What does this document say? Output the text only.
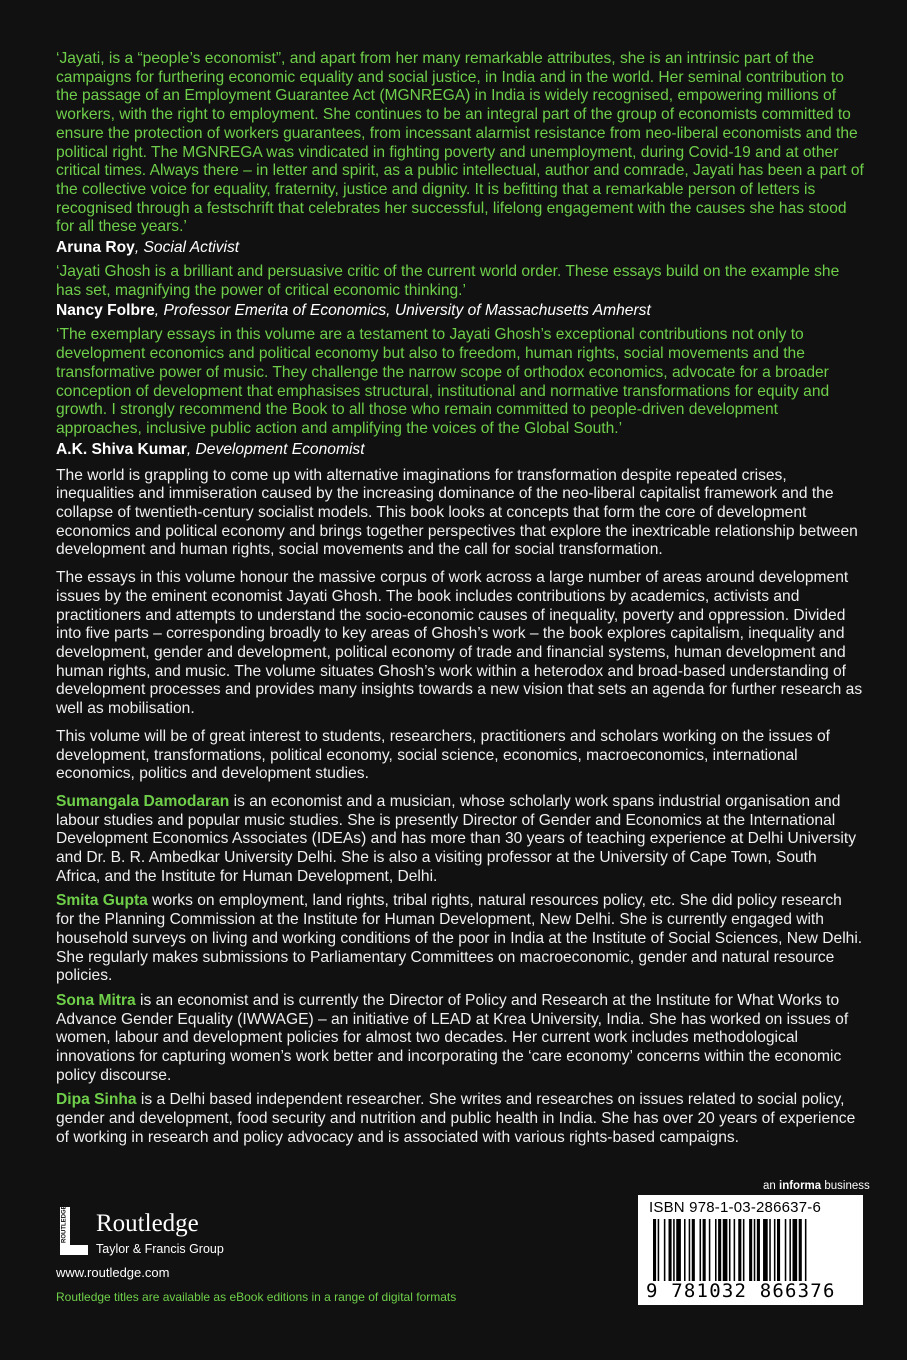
‘Jayati, is a “people’s economist”, and apart from her many remarkable attributes, she is an intrinsic part of the campaigns for furthering economic equality and social justice, in India and in the world. Her seminal contribution to the passage of an Employment Guarantee Act (MGNREGA) in India is widely recognised, empowering millions of workers, with the right to employment. She continues to be an integral part of the group of economists committed to ensure the protection of workers guarantees, from incessant alarmist resistance from neo-liberal economists and the political right. The MGNREGA was vindicated in fighting poverty and unemployment, during Covid-19 and at other critical times. Always there – in letter and spirit, as a public intellectual, author and comrade, Jayati has been a part of the collective voice for equality, fraternity, justice and dignity. It is befitting that a remarkable person of letters is recognised through a festschrift that celebrates her successful, lifelong engagement with the causes she has stood for all these years.’

Aruna Roy, Social Activist

‘Jayati Ghosh is a brilliant and persuasive critic of the current world order. These essays build on the example she has set, magnifying the power of critical economic thinking.’

Nancy Folbre, Professor Emerita of Economics, University of Massachusetts Amherst

‘The exemplary essays in this volume are a testament to Jayati Ghosh’s exceptional contributions not only to development economics and political economy but also to freedom, human rights, social movements and the transformative power of music. They challenge the narrow scope of orthodox economics, advocate for a broader conception of development that emphasises structural, institutional and normative transformations for equity and growth. I strongly recommend the Book to all those who remain committed to people-driven development approaches, inclusive public action and amplifying the voices of the Global South.’

A.K. Shiva Kumar, Development Economist

The world is grappling to come up with alternative imaginations for transformation despite repeated crises, inequalities and immiseration caused by the increasing dominance of the neo-liberal capitalist framework and the collapse of twentieth-century socialist models. This book looks at concepts that form the core of development economics and political economy and brings together perspectives that explore the inextricable relationship between development and human rights, social movements and the call for social transformation.

The essays in this volume honour the massive corpus of work across a large number of areas around development issues by the eminent economist Jayati Ghosh. The book includes contributions by academics, activists and practitioners and attempts to understand the socio-economic causes of inequality, poverty and oppression. Divided into five parts – corresponding broadly to key areas of Ghosh’s work – the book explores capitalism, inequality and development, gender and development, political economy of trade and financial systems, human development and human rights, and music. The volume situates Ghosh’s work within a heterodox and broad-based understanding of development processes and provides many insights towards a new vision that sets an agenda for further research as well as mobilisation.

This volume will be of great interest to students, researchers, practitioners and scholars working on the issues of development, transformations, political economy, social science, economics, macroeconomics, international economics, politics and development studies.

Sumangala Damodaran is an economist and a musician, whose scholarly work spans industrial organisation and labour studies and popular music studies. She is presently Director of Gender and Economics at the International Development Economics Associates (IDEAs) and has more than 30 years of teaching experience at Delhi University and Dr. B. R. Ambedkar University Delhi. She is also a visiting professor at the University of Cape Town, South Africa, and the Institute for Human Development, Delhi.

Smita Gupta works on employment, land rights, tribal rights, natural resources policy, etc. She did policy research for the Planning Commission at the Institute for Human Development, New Delhi. She is currently engaged with household surveys on living and working conditions of the poor in India at the Institute of Social Sciences, New Delhi. She regularly makes submissions to Parliamentary Committees on macroeconomic, gender and natural resource policies.

Sona Mitra is an economist and is currently the Director of Policy and Research at the Institute for What Works to Advance Gender Equality (IWWAGE) – an initiative of LEAD at Krea University, India. She has worked on issues of women, labour and development policies for almost two decades. Her current work includes methodological innovations for capturing women’s work better and incorporating the ‘care economy’ concerns within the economic policy discourse.

Dipa Sinha is a Delhi based independent researcher. She writes and researches on issues related to social policy, gender and development, food security and nutrition and public health in India. She has over 20 years of experience of working in research and policy advocacy and is associated with various rights-based campaigns.

ROUTLEDGE Routledge
Taylor & Francis Group
www.routledge.com
Routledge titles are available as eBook editions in a range of digital formats
an informa business
ISBN 978-1-03-286637-6
9 781032 866376
